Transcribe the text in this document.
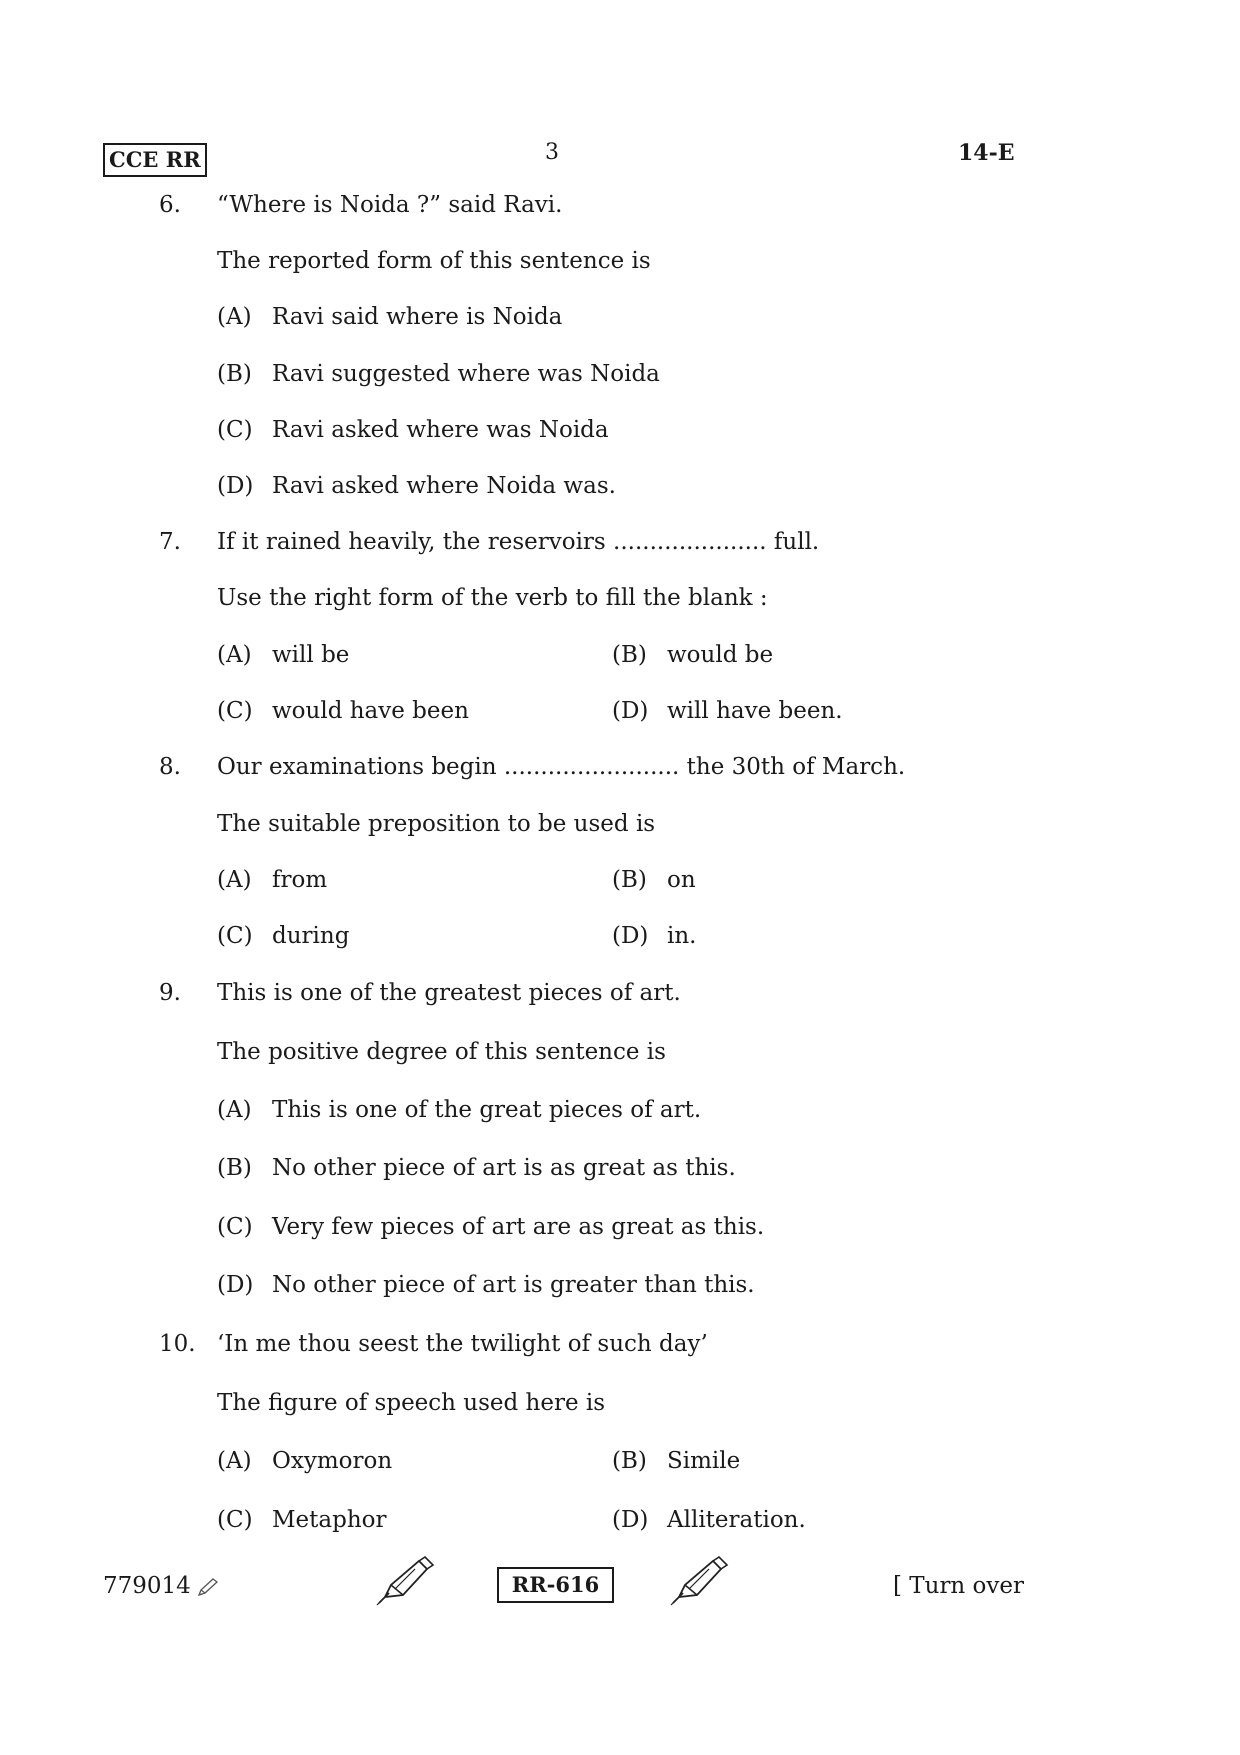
CCE RR	3	14-E
6.	“Where is Noida ?” said Ravi.
The reported form of this sentence is
(A) Ravi said where is Noida
(B) Ravi suggested where was Noida
(C) Ravi asked where was Noida
(D) Ravi asked where Noida was.
7.	If it rained heavily, the reservoirs ..................... full.
Use the right form of the verb to fill the blank :
(A) will be	(B) would be
(C) would have been	(D) will have been.
8.	Our examinations begin ........................ the 30th of March.
The suitable preposition to be used is
(A) from	(B) on
(C) during	(D) in.
9.	This is one of the greatest pieces of art.
The positive degree of this sentence is
(A) This is one of the great pieces of art.
(B) No other piece of art is as great as this.
(C) Very few pieces of art are as great as this.
(D) No other piece of art is greater than this.
10. ‘In me thou seest the twilight of such day’
The figure of speech used here is
(A) Oxymoron	(B) Simile
(C) Metaphor	(D) Alliteration.
779014	RR-616	[ Turn over
